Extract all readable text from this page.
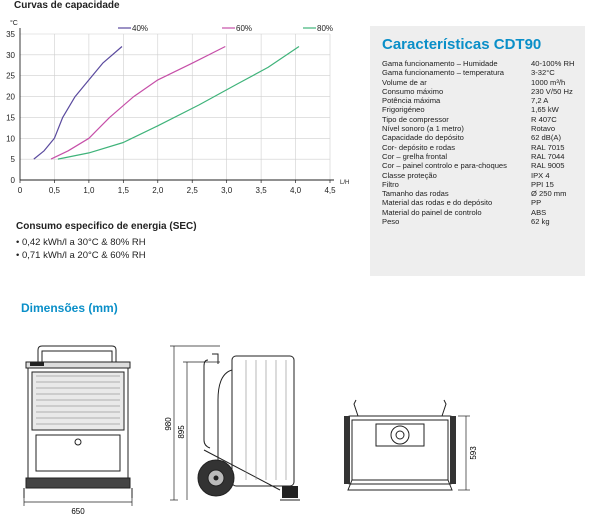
Curvas de capacidade
0	0,5	1,0	1,5	2,0	2,5	3,0	3,5	4,0	4,5
0
5
10
15
20
25
30
35
°C
L/H
40%	60%	80%
Consumo especifico de energia (SEC)
• 0,42 kWh/l a 30°C & 80% RH
• 0,71 kWh/l a 20°C & 60% RH
Características CDT90
Gama funcionamento – Humidade	40-100% RH
Gama funcionamento – temperatura	3-32°C
Volume de ar	1000 m³/h
Consumo máximo	230 V/50 Hz
Potência máxima	7,2 A
Frigorigéneo	1,65 kW
Tipo de compressor	R 407C
Nível sonoro (a 1 metro)	Rotavo
Capacidade do depósito	62 dB(A)
Cor- depósito e rodas	RAL 7015
Cor – grelha frontal	RAL 7044
Cor – painel controlo e para-choques	RAL 9005
Classe proteção	IPX 4
Filtro	PPI 15
Tamanho das rodas	Ø 250 mm
Material das rodas e do depósito	PP
Material do painel de controlo	ABS
Peso	62 kg
Dimensões (mm)
650
980
895
593
